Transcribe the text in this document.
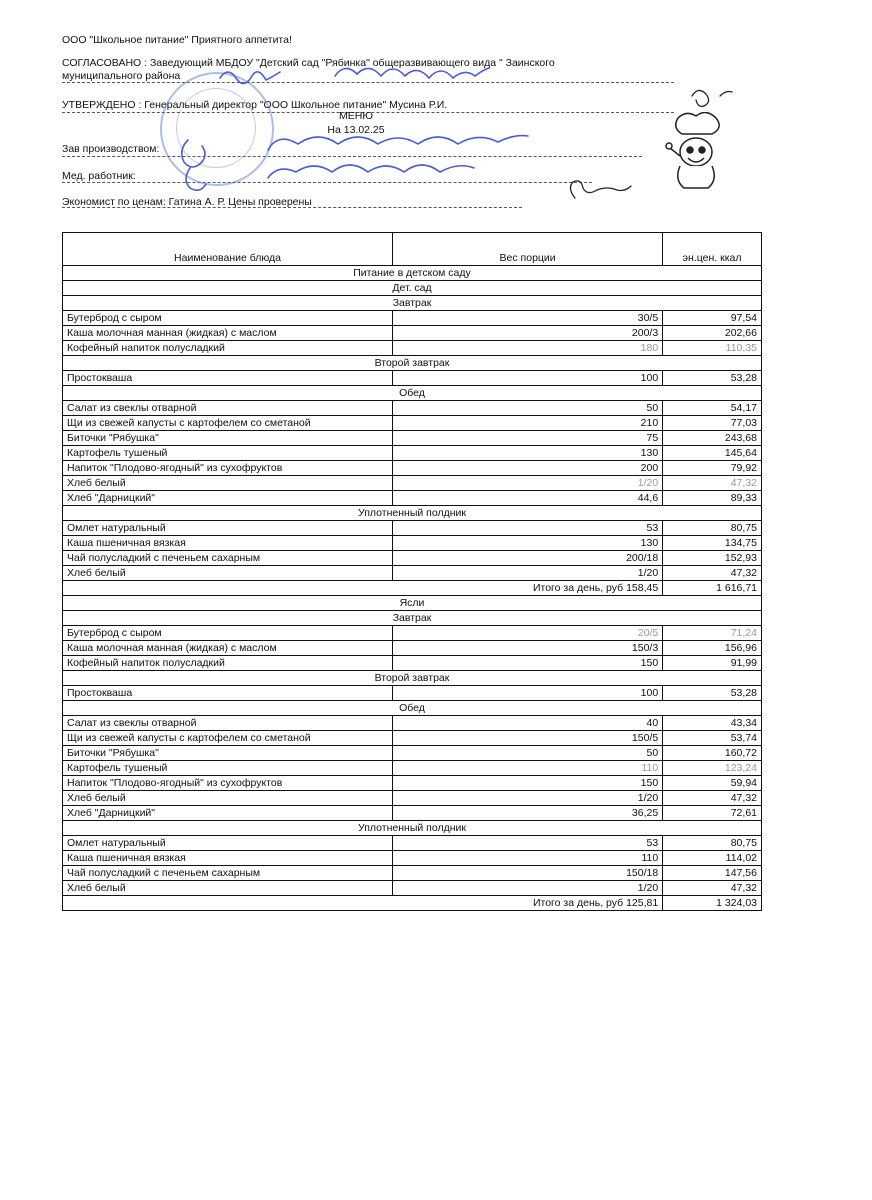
ООО "Школьное питание" Приятного аппетита!
СОГЛАСОВАНО : Заведующий МБДОУ "Детский сад "Рябинка" общеразвивающего вида " Заинского
муниципального района
УТВЕРЖДЕНО : Генеральный директор "ООО Школьное питание" Мусина Р.И.
МЕНЮ
На 13.02.25
Зав производством:
Мед. работник:
Экономист по ценам: Гатина А. Р. Цены проверены
Наименование блюда	Вес порции	эн.цен. ккал
Питание в детском саду		
Дет. сад		
Завтрак		
Бутерброд с сыром	30/5	97,54
Каша молочная манная (жидкая) с маслом	200/3	202,66
Кофейный напиток полусладкий	180	110,35
Второй завтрак		
Простокваша	100	53,28
Обед		
Салат из свеклы отварной	50	54,17
Щи из свежей капусты с картофелем со сметаной	210	77,03
Биточки "Рябушка"	75	243,68
Картофель тушеный	130	145,64
Напиток "Плодово-ягодный" из сухофруктов	200	79,92
Хлеб белый	1/20	47,32
Хлеб "Дарницкий"	44,6	89,33
Уплотненный полдник		
Омлет натуральный	53	80,75
Каша пшеничная вязкая	130	134,75
Чай полусладкий с печеньем сахарным	200/18	152,93
Хлеб белый	1/20	47,32
	Итого за день, руб 158,45	1 616,71
Ясли		
Завтрак		
Бутерброд с сыром	20/5	71,24
Каша молочная манная (жидкая) с маслом	150/3	156,96
Кофейный напиток полусладкий	150	91,99
Второй завтрак		
Простокваша	100	53,28
Обед		
Салат из свеклы отварной	40	43,34
Щи из свежей капусты с картофелем со сметаной	150/5	53,74
Биточки "Рябушка"	50	160,72
Картофель тушеный	110	123,24
Напиток "Плодово-ягодный" из сухофруктов	150	59,94
Хлеб белый	1/20	47,32
Хлеб "Дарницкий"	36,25	72,61
Уплотненный полдник		
Омлет натуральный	53	80,75
Каша пшеничная вязкая	110	114,02
Чай полусладкий с печеньем сахарным	150/18	147,56
Хлеб белый	1/20	47,32
	Итого за день, руб 125,81	1 324,03
